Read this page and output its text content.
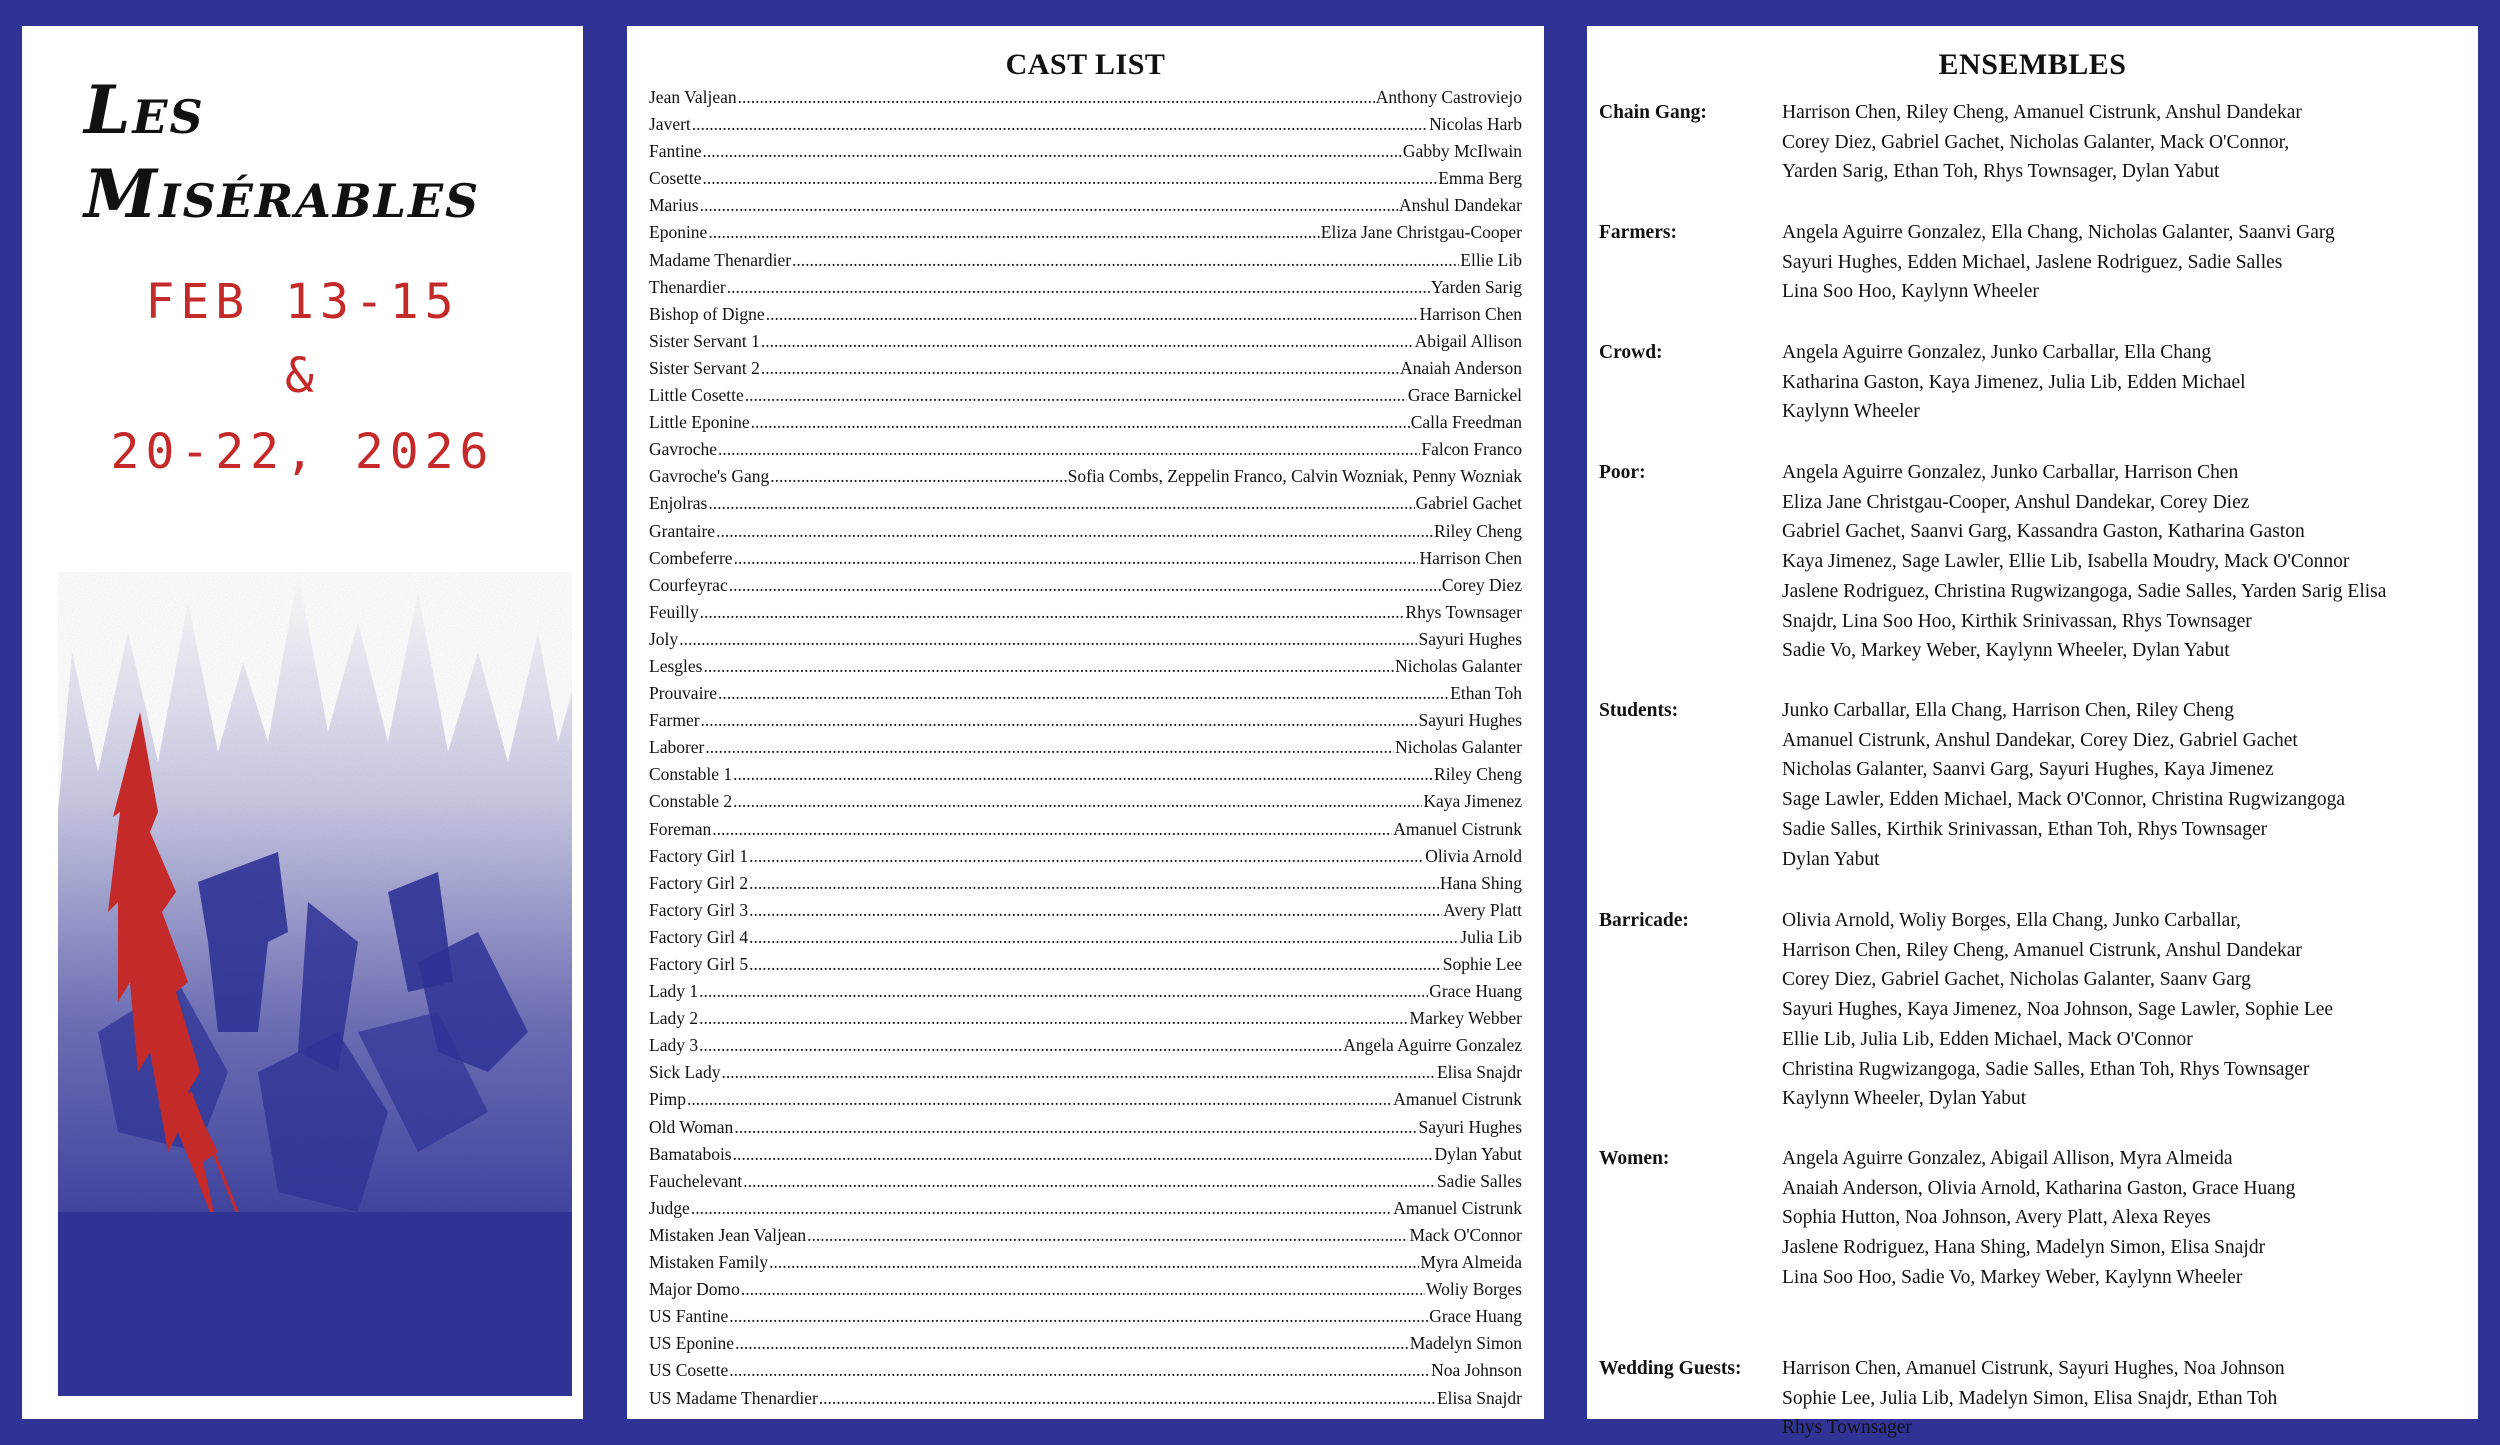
Les
Misérables
FEB 13-15
&
20-22, 2026
CAST LIST
Jean Valjean .....	Anthony Castroviejo
Javert .....	Nicolas Harb
Fantine .....	Gabby McIlwain
Cosette .....	Emma Berg
Marius .....	Anshul Dandekar
Eponine .....	Eliza Jane Christgau-Cooper
Madame Thenardier .....	Ellie Lib
Thenardier .....	Yarden Sarig
Bishop of Digne .....	Harrison Chen
Sister Servant 1 .....	Abigail Allison
Sister Servant 2 .....	Anaiah Anderson
Little Cosette .....	Grace Barnickel
Little Eponine .....	Calla Freedman
Gavroche .....	Falcon Franco
Gavroche's Gang .....	Sofia Combs, Zeppelin Franco, Calvin Wozniak, Penny Wozniak
Enjolras .....	Gabriel Gachet
Grantaire .....	Riley Cheng
Combeferre .....	Harrison Chen
Courfeyrac .....	Corey Diez
Feuilly .....	Rhys Townsager
Joly .....	Sayuri Hughes
Lesgles .....	Nicholas Galanter
Prouvaire .....	Ethan Toh
Farmer .....	Sayuri Hughes
Laborer .....	Nicholas Galanter
Constable 1 .....	Riley Cheng
Constable 2 .....	Kaya Jimenez
Foreman .....	Amanuel Cistrunk
Factory Girl 1 .....	Olivia Arnold
Factory Girl 2 .....	Hana Shing
Factory Girl 3 .....	Avery Platt
Factory Girl 4 .....	Julia Lib
Factory Girl 5 .....	Sophie Lee
Lady 1 .....	Grace Huang
Lady 2 .....	Markey Webber
Lady 3 .....	Angela Aguirre Gonzalez
Sick Lady .....	Elisa Snajdr
Pimp .....	Amanuel Cistrunk
Old Woman .....	Sayuri Hughes
Bamatabois .....	Dylan Yabut
Fauchelevant .....	Sadie Salles
Judge .....	Amanuel Cistrunk
Mistaken Jean Valjean .....	Mack O'Connor
Mistaken Family .....	Myra Almeida
Major Domo .....	Woliy Borges
US Fantine .....	Grace Huang
US Eponine .....	Madelyn Simon
US Cosette .....	Noa Johnson
US Madame Thenardier .....	Elisa Snajdr
ENSEMBLES
Chain Gang:	Harrison Chen, Riley Cheng, Amanuel Cistrunk, Anshul Dandekar
Corey Diez, Gabriel Gachet, Nicholas Galanter, Mack O'Connor,
Yarden Sarig, Ethan Toh, Rhys Townsager, Dylan Yabut
Farmers:	Angela Aguirre Gonzalez, Ella Chang, Nicholas Galanter, Saanvi Garg
Sayuri Hughes, Edden Michael, Jaslene Rodriguez, Sadie Salles
Lina Soo Hoo, Kaylynn Wheeler
Crowd:	Angela Aguirre Gonzalez, Junko Carballar, Ella Chang
Katharina Gaston, Kaya Jimenez, Julia Lib, Edden Michael
Kaylynn Wheeler
Poor:	Angela Aguirre Gonzalez, Junko Carballar, Harrison Chen
Eliza Jane Christgau-Cooper, Anshul Dandekar, Corey Diez
Gabriel Gachet, Saanvi Garg, Kassandra Gaston, Katharina Gaston
Kaya Jimenez, Sage Lawler, Ellie Lib, Isabella Moudry, Mack O'Connor
Jaslene Rodriguez, Christina Rugwizangoga, Sadie Salles, Yarden Sarig Elisa
Snajdr, Lina Soo Hoo, Kirthik Srinivassan, Rhys Townsager
Sadie Vo, Markey Weber, Kaylynn Wheeler, Dylan Yabut
Students:	Junko Carballar, Ella Chang, Harrison Chen, Riley Cheng
Amanuel Cistrunk, Anshul Dandekar, Corey Diez, Gabriel Gachet
Nicholas Galanter, Saanvi Garg, Sayuri Hughes, Kaya Jimenez
Sage Lawler, Edden Michael, Mack O'Connor, Christina Rugwizangoga
Sadie Salles, Kirthik Srinivassan, Ethan Toh, Rhys Townsager
Dylan Yabut
Barricade:	Olivia Arnold, Woliy Borges, Ella Chang, Junko Carballar,
Harrison Chen, Riley Cheng, Amanuel Cistrunk, Anshul Dandekar
Corey Diez, Gabriel Gachet, Nicholas Galanter, Saanv Garg
Sayuri Hughes, Kaya Jimenez, Noa Johnson, Sage Lawler, Sophie Lee
Ellie Lib, Julia Lib, Edden Michael, Mack O'Connor
Christina Rugwizangoga, Sadie Salles, Ethan Toh, Rhys Townsager
Kaylynn Wheeler, Dylan Yabut
Women:	Angela Aguirre Gonzalez, Abigail Allison, Myra Almeida
Anaiah Anderson, Olivia Arnold, Katharina Gaston, Grace Huang
Sophia Hutton, Noa Johnson, Avery Platt, Alexa Reyes
Jaslene Rodriguez, Hana Shing, Madelyn Simon, Elisa Snajdr
Lina Soo Hoo, Sadie Vo, Markey Weber, Kaylynn Wheeler
Wedding Guests: Harrison Chen, Amanuel Cistrunk, Sayuri Hughes, Noa Johnson
Sophie Lee, Julia Lib, Madelyn Simon, Elisa Snajdr, Ethan Toh
Rhys Townsager
